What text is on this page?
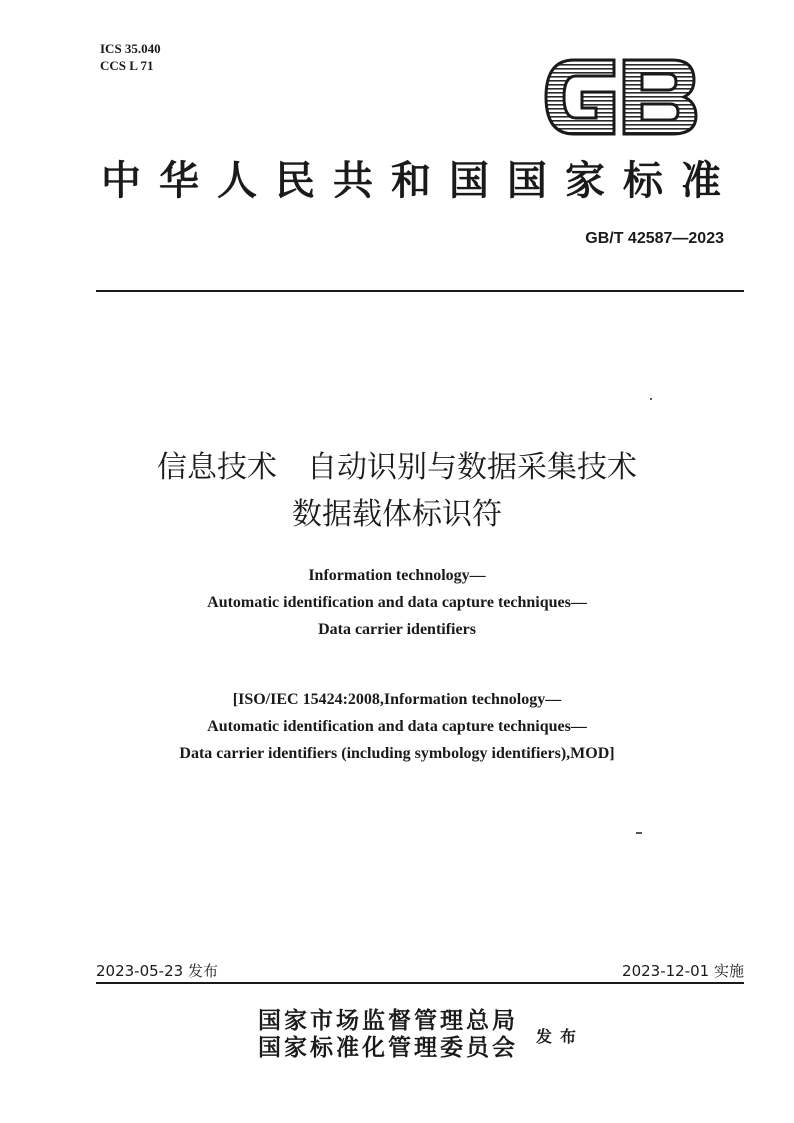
ICS 35.040
CCS L 71
中华人民共和国国家标准
GB/T 42587—2023
信息技术 自动识别与数据采集技术
数据载体标识符
Information technology—
Automatic identification and data capture techniques—
Data carrier identifiers
[ISO/IEC 15424:2008,Information technology—
Automatic identification and data capture techniques—
Data carrier identifiers (including symbology identifiers),MOD]
2023-05-23 发布	2023-12-01 实施
国家市场监督管理总局
国家标准化管理委员会 发布
